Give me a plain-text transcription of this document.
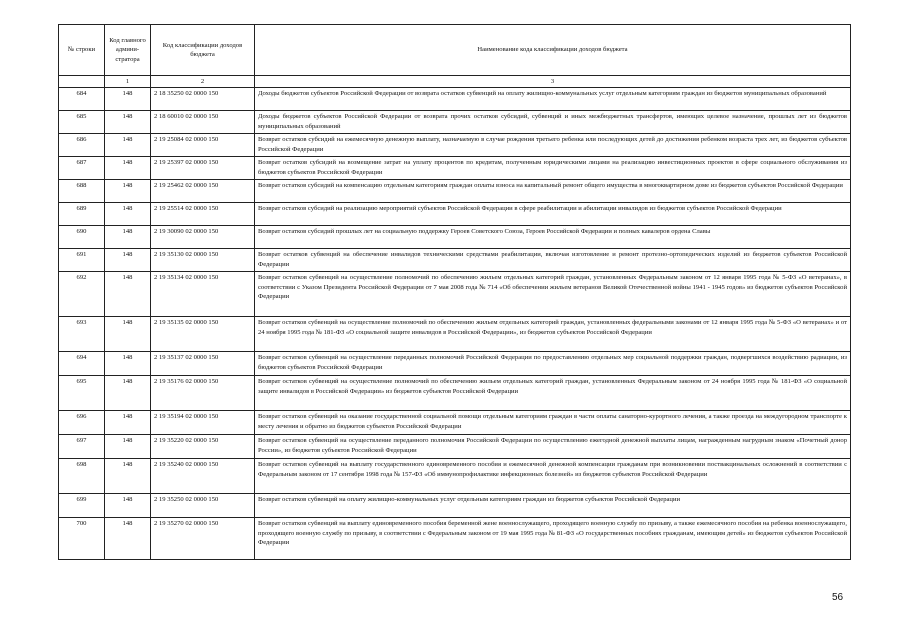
№ строки	Код главного админи-стратора	Код классификации доходов бюджета	Наименование кода классификации доходов бюджета
	1	2	3
684	148	2 18 35250 02 0000 150	Доходы бюджетов субъектов Российской Федерации от возврата остатков субвенций на оплату жилищно-коммунальных услуг отдельным категориям граждан из бюджетов муниципальных образований
685	148	2 18 60010 02 0000 150	Доходы бюджетов субъектов Российской Федерации от возврата прочих остатков субсидий, субвенций и иных межбюджетных трансфертов, имеющих целевое назначение, прошлых лет из бюджетов муниципальных образований
686	148	2 19 25084 02 0000 150	Возврат остатков субсидий на ежемесячную денежную выплату, назначаемую в случае рождения третьего ребенка или последующих детей до достижения ребенком возраста трех лет, из бюджетов субъектов Российской Федерации
687	148	2 19 25397 02 0000 150	Возврат остатков субсидий на возмещение затрат на уплату процентов по кредитам, полученным юридическими лицами на реализацию инвестиционных проектов в сфере социального обслуживания из бюджетов субъектов Российской Федерации
688	148	2 19 25462 02 0000 150	Возврат остатков субсидий на компенсацию отдельным категориям граждан оплаты взноса на капитальный ремонт общего имущества в многоквартирном доме из бюджетов субъектов Российской Федерации
689	148	2 19 25514 02 0000 150	Возврат остатков субсидий на реализацию мероприятий субъектов Российской Федерации в сфере реабилитации и абилитации инвалидов из бюджетов субъектов Российской Федерации
690	148	2 19 30090 02 0000 150	Возврат остатков субсидий прошлых лет на социальную поддержку Героев Советского Союза, Героев Российской Федерации и полных кавалеров ордена Славы
691	148	2 19 35130 02 0000 150	Возврат остатков субвенций на обеспечение инвалидов техническими средствами реабилитации, включая изготовление и ремонт протезно-ортопедических изделий из бюджетов субъектов Российской Федерации
692	148	2 19 35134 02 0000 150	Возврат остатков субвенций на осуществление полномочий по обеспечению жильем отдельных категорий граждан, установленных Федеральным законом от 12 января 1995 года № 5-ФЗ «О ветеранах», в соответствии с Указом Президента Российской Федерации от 7 мая 2008 года № 714 «Об обеспечении жильем ветеранов Великой Отечественной войны 1941 - 1945 годов» из бюджетов субъектов Российской Федерации
693	148	2 19 35135 02 0000 150	Возврат остатков субвенций на осуществление полномочий по обеспечению жильем отдельных категорий граждан, установленных федеральными законами от 12 января 1995 года № 5-ФЗ «О ветеранах» и от 24 ноября 1995 года № 181-ФЗ «О социальной защите инвалидов в Российской Федерации», из бюджетов субъектов Российской Федерации
694	148	2 19 35137 02 0000 150	Возврат остатков субвенций на осуществление переданных полномочий Российской Федерации по предоставлению отдельных мер социальной поддержки граждан, подвергшихся воздействию радиации, из бюджетов субъектов Российской Федерации
695	148	2 19 35176 02 0000 150	Возврат остатков субвенций на осуществление полномочий по обеспечению жильем отдельных категорий граждан, установленных Федеральным законом от 24 ноября 1995 года № 181-ФЗ «О социальной защите инвалидов в Российской Федерации» из бюджетов субъектов Российской Федерации
696	148	2 19 35194 02 0000 150	Возврат остатков субвенций на оказание государственной социальной помощи отдельным категориям граждан в части оплаты санаторно-курортного лечения, а также проезда на междугородном транспорте к месту лечения и обратно из бюджетов субъектов Российской Федерации
697	148	2 19 35220 02 0000 150	Возврат остатков субвенций на осуществление переданного полномочия Российской Федерации по осуществлению ежегодной денежной выплаты лицам, награжденным нагрудным знаком «Почетный донор России», из бюджетов субъектов Российской Федерации
698	148	2 19 35240 02 0000 150	Возврат остатков субвенций на выплату государственного единовременного пособия и ежемесячной денежной компенсации гражданам при возникновении поствакцинальных осложнений в соответствии с Федеральным законом от 17 сентября 1998 года № 157-ФЗ «Об иммунопрофилактике инфекционных болезней» из бюджетов субъектов Российской Федерации
699	148	2 19 35250 02 0000 150	Возврат остатков субвенций на оплату жилищно-коммунальных услуг отдельным категориям граждан из бюджетов субъектов Российской Федерации
700	148	2 19 35270 02 0000 150	Возврат остатков субвенций на выплату единовременного пособия беременной жене военнослужащего, проходящего военную службу по призыву, а также ежемесячного пособия на ребенка военнослужащего, проходящего военную службу по призыву, в соответствии с Федеральным законом от 19 мая 1995 года № 81-ФЗ «О государственных пособиях гражданам, имеющим детей» из бюджетов субъектов Российской Федерации
56
